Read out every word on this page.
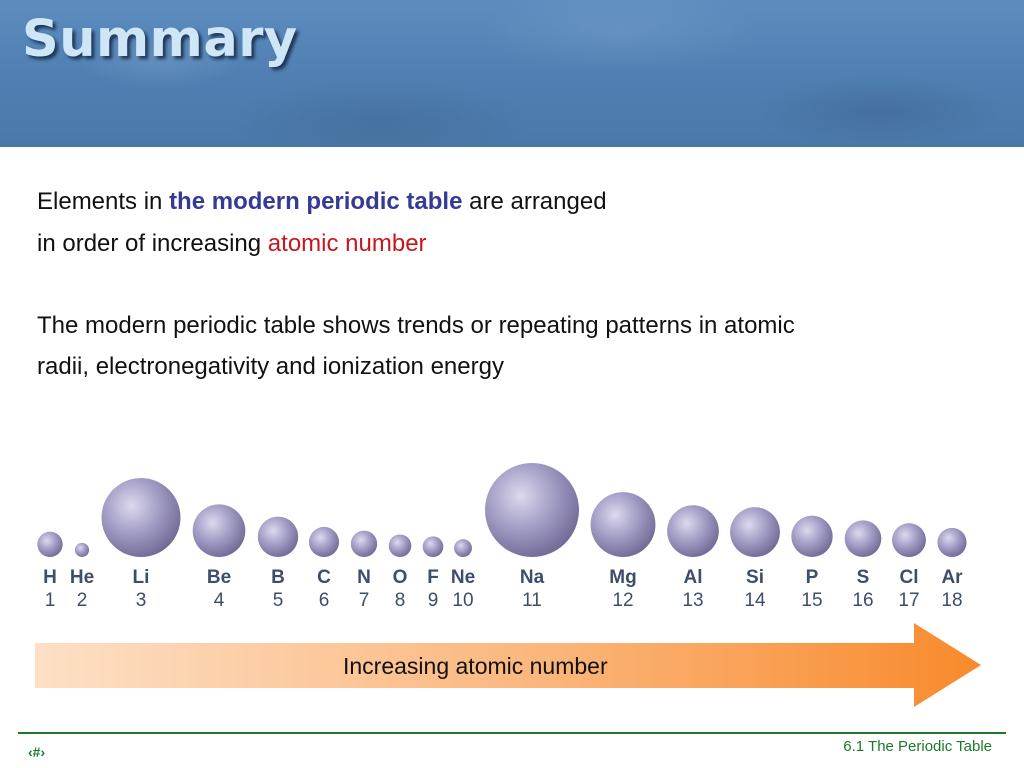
Summary
Elements in the modern periodic table are arranged
in order of increasing atomic number
The modern periodic table shows trends or repeating patterns in atomic
radii, electronegativity and ionization energy
H
1
He
2
Li
3
Be
4
B
5
C
6
N
7
O
8
F
9
Ne
10
Na
11
Mg
12
Al
13
Si
14
P
15
S
16
Cl
17
Ar
18
Increasing atomic number
‹#›	6.1 The Periodic Table
